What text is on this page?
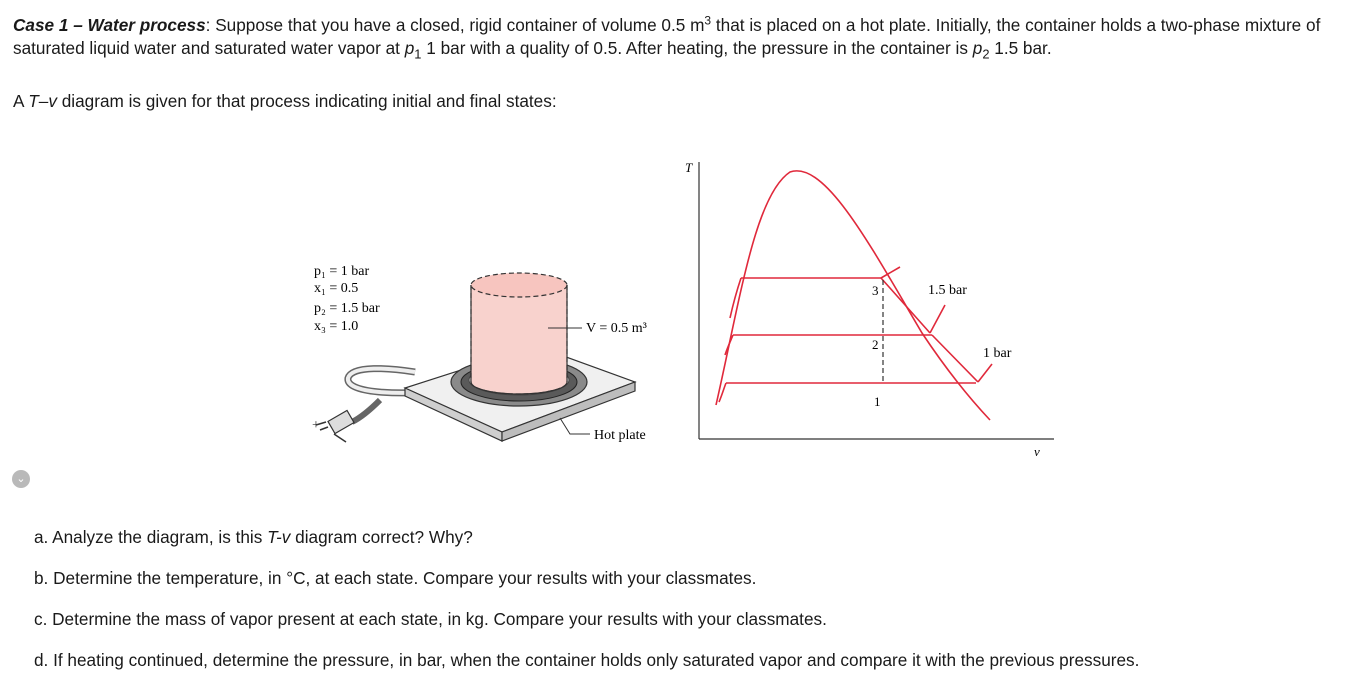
Case 1 – Water process: Suppose that you have a closed, rigid container of volume 0.5 $m^3$ that is placed on a hot plate. Initially, the container holds a two-phase mixture of saturated liquid water and saturated water vapor at $p_1$ 1 bar with a quality of 0.5. After heating, the pressure in the container is $p_2$ 1.5 bar.
A T–v diagram is given for that process indicating initial and final states:
+
p₁ = 1 bar
x₁ = 0.5
p₂ = 1.5 bar
x₃ = 1.0	V = 0.5 m³
Hot plate
T
v
1.5 bar
1 bar
3
2
1
⌄
a. Analyze the diagram, is this T-v diagram correct? Why?
b. Determine the temperature, in °C, at each state. Compare your results with your classmates.
c. Determine the mass of vapor present at each state, in kg. Compare your results with your classmates.
d. If heating continued, determine the pressure, in bar, when the container holds only saturated vapor and compare it with the previous pressures.
